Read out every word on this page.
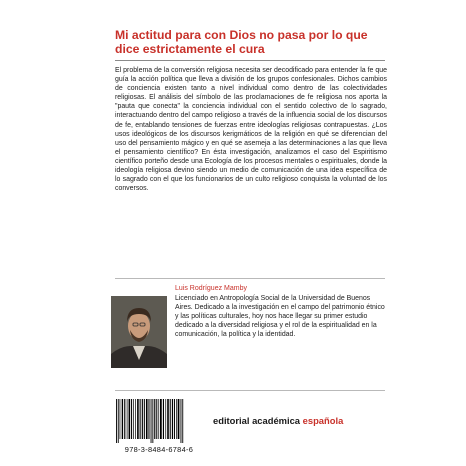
Mi actitud para con Dios no pasa por lo que dice estrictamente el cura

El problema de la conversión religiosa necesita ser decodificado para entender la fe que guía la acción política que lleva a división de los grupos confesionales. Dichos cambios de conciencia existen tanto a nivel individual como dentro de las colectividades religiosas. El análisis del símbolo de las proclamaciones de fe religiosa nos aporta la "pauta que conecta" la conciencia individual con el sentido colectivo de lo sagrado, interactuando dentro del campo religioso a través de la influencia social de los discursos de fe, entablando tensiones de fuerzas entre ideologías religiosas contrapuestas. ¿Los usos ideológicos de los discursos kerigmáticos de la religión en qué se diferencian del uso del pensamiento mágico y en qué se asemeja a las determinaciones a las que lleva el pensamiento científico? En ésta investigación, analizamos el caso del Espiritismo científico porteño desde una Ecología de los procesos mentales o espirituales, donde la ideología religiosa devino siendo un medio de comunicación de una idea específica de lo sagrado con el que los funcionarios de un culto religioso conquista la voluntad de los conversos.

Luis Rodríguez Mamby

Licenciado en Antropología Social de la Universidad de Buenos Aires. Dedicado a la investigación en el campo del patrimonio étnico y las políticas culturales, hoy nos hace llegar su primer estudio dedicado a la diversidad religiosa y el rol de la espiritualidad en la comunicación, la política y la identidad.

978-3-8484-6784-6

editorial académica española
